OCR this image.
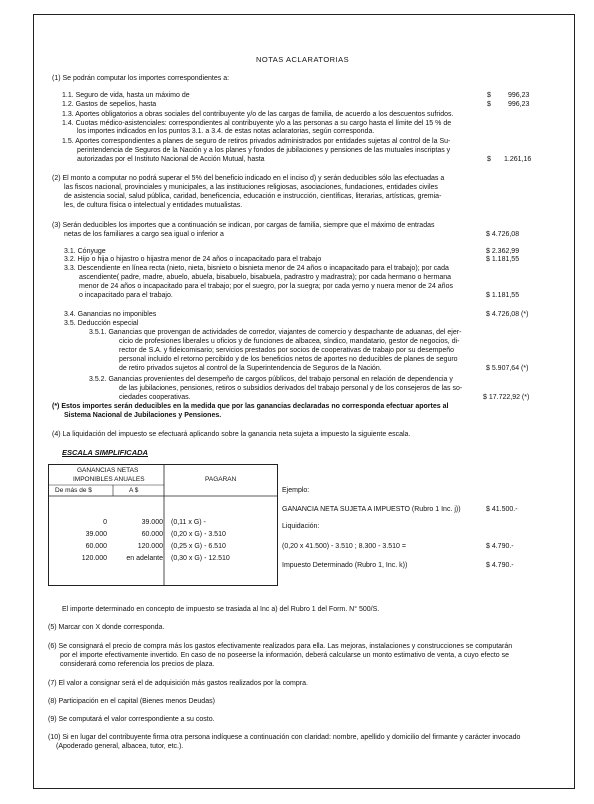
NOTAS ACLARATORIAS
(1) Se podrán computar los importes correspondientes a:
1.1. Seguro de vida, hasta un máximo de	$ 996,23
1.2. Gastos de sepelios, hasta	$ 996,23
1.3. Aportes obligatorios a obras sociales del contribuyente y/o de las cargas de familia, de acuerdo a los descuentos sufridos.
1.4. Cuotas médico-asistenciales: correspondientes al contribuyente y/o a las personas a su cargo hasta el límite del 15 % de
los importes indicados en los puntos 3.1. a 3.4. de estas notas aclaratorias, según corresponda.
1.5. Aportes correspondientes a planes de seguro de retiros privados administrados por entidades sujetas al control de la Su-
perintendencia de Seguros de la Nación y a los planes y fondos de jubilaciones y pensiones de las mutuales inscriptas y
autorizadas por el Instituto Nacional de Acción Mutual, hasta	$ 1.261,16
(2) El monto a computar no podrá superar el 5% del beneficio indicado en el inciso d) y serán deducibles sólo las efectuadas a
las fiscos nacional, provinciales y municipales, a las instituciones religiosas, asociaciones, fundaciones, entidades civiles
de asistencia social, salud pública, caridad, beneficencia, educación e instrucción, científicas, literarias, artísticas, gremia-
les, de cultura física o intelectual y entidades mutualistas.
(3) Serán deducibles los importes que a continuación se indican, por cargas de familia, siempre que el máximo de entradas
netas de los familiares a cargo sea igual o inferior a	$ 4.726,08
3.1. Cónyuge	$ 2.362,99
3.2. Hijo o hija o hijastro o hijastra menor de 24 años o incapacitado para el trabajo	$ 1.181,55
3.3. Descendiente en línea recta (nieto, nieta, bisnieto o bisnieta menor de 24 años o incapacitado para el trabajo); por cada
ascendiente( padre, madre, abuelo, abuela, bisabuelo, bisabuela, padrastro y madrastra); por cada hermano o hermana
menor de 24 años o incapacitado para el trabajo; por el suegro, por la suegra; por cada yerno y nuera menor de 24 años
o incapacitado para el trabajo.	$ 1.181,55
3.4. Ganancias no imponibles	$ 4.726,08 (*)
3.5. Deducción especial
3.5.1. Ganancias que provengan de actividades de corredor, viajantes de comercio y despachante de aduanas, del ejer-
cicio de profesiones liberales u oficios y de funciones de albacea, síndico, mandatario, gestor de negocios, di-
rector de S.A. y fideicomisario; servicios prestados por socios de cooperativas de trabajo por su desempeño
personal incluido el retorno percibido y de los beneficios netos de aportes no deducibles de planes de seguro
de retiro privados sujetos al control de la Superintendencia de Seguros de la Nación.	$ 5.907,64 (*)
3.5.2. Ganancias provenientes del desempeño de cargos públicos, del trabajo personal en relación de dependencia y
de las jubilaciones, pensiones, retiros o subsidios derivados del trabajo personal y de los consejeros de las so-
ciedades cooperativas.	$ 17.722,92 (*)
(*) Estos importes serán deducibles en la medida que por las ganancias declaradas no corresponda efectuar aportes al
Sistema Nacional de Jubilaciones y Pensiones.
(4) La liquidación del impuesto se efectuará aplicando sobre la ganancia neta sujeta a impuesto la siguiente escala.
ESCALA SIMPLIFICADA
GANANCIAS NETAS
IMPONIBLES ANUALES	PAGARAN
De más de $	A $
0	39.000 (0,11 x G) -
39.000	60.000 (0,20 x G) - 3.510
60.000	120.000 (0,25 x G) - 6.510
120.000	en adelante (0,30 x G) - 12.510
Ejemplo:
GANANCIA NETA SUJETA A IMPUESTO (Rubro 1 Inc. j))	$ 41.500.-
Liquidación:
(0,20 x 41.500) - 3.510 ; 8.300 - 3.510 =	$ 4.790.-
Impuesto Determinado (Rubro 1, Inc. k))	$ 4.790.-
El importe determinado en concepto de impuesto se trasiada al Inc a) del Rubro 1 del Form. N° 500/S.
(5) Marcar con X donde corresponda.
(6) Se consignará el precio de compra más los gastos efectivamente realizados para ella. Las mejoras, instalaciones y construcciones se computarán
por el importe efectivamente invertido. En caso de no poseerse la información, deberá calcularse un monto estimativo de venta, a cuyo efecto se
considerará como referencia los precios de plaza.
(7) El valor a consignar será el de adquisición más gastos realizados por la compra.
(8) Participación en el capital (Bienes menos Deudas)
(9) Se computará el valor correspondiente a su costo.
(10) Si en lugar del contribuyente firma otra persona indíquese a continuación con claridad: nombre, apellido y domicilio del firmante y carácter invocado
(Apoderado general, albacea, tutor, etc.).
